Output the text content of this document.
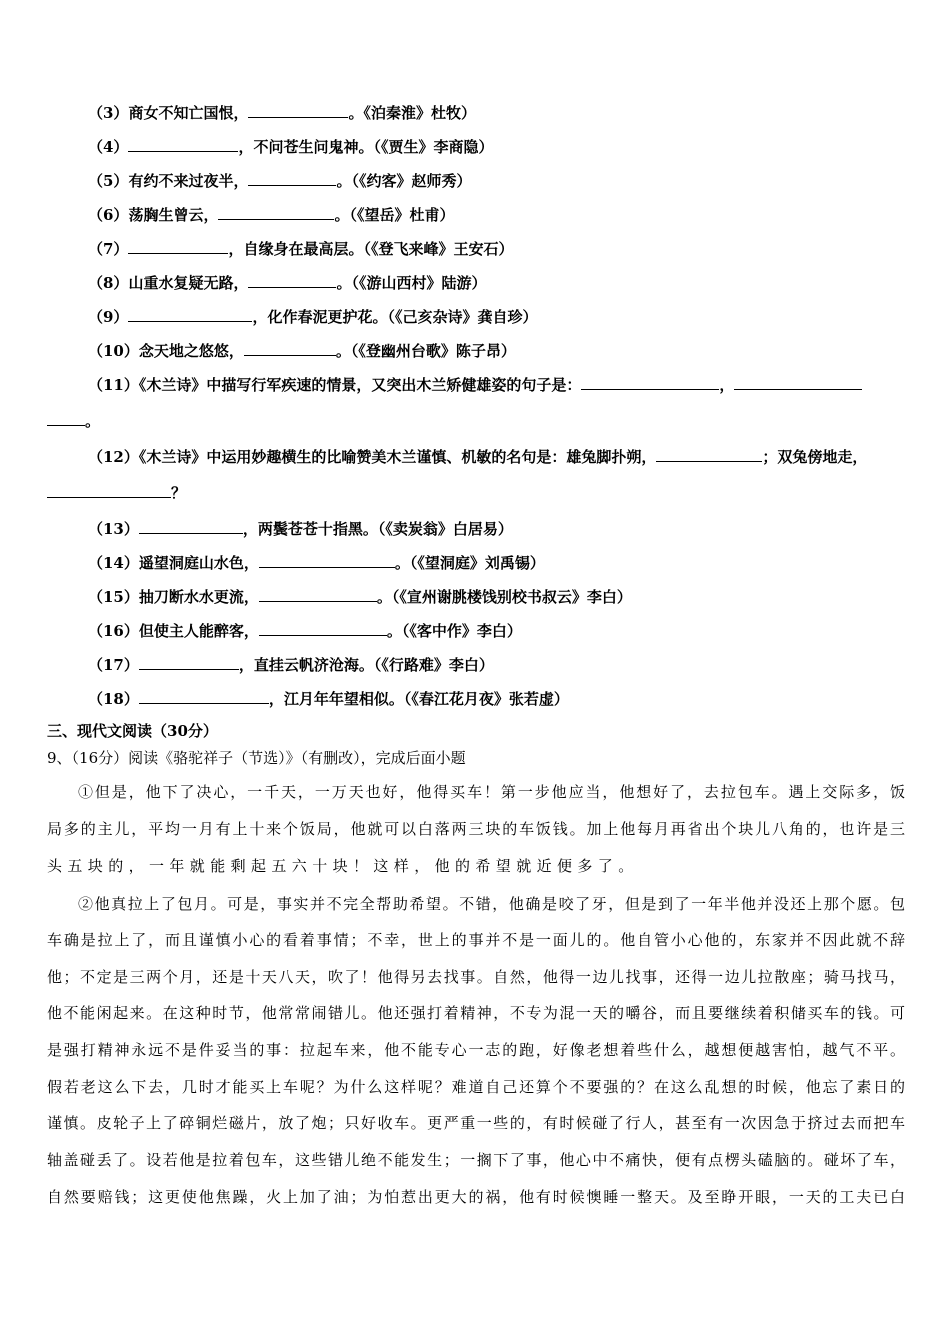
（3）商女不知亡国恨，	。《泊秦淮》杜牧）
（4）	，不问苍生问鬼神。（《贾生》李商隐）
（5）有约不来过夜半，	。（《约客》赵师秀）
（6）荡胸生曾云，	。（《望岳》杜甫）
（7）	，自缘身在最高层。（《登飞来峰》王安石）
（8）山重水复疑无路，	。（《游山西村》陆游）
（9）	，化作春泥更护花。（《己亥杂诗》龚自珍）
（10）念天地之悠悠，	。（《登幽州台歌》陈子昂）
（11）《木兰诗》中描写行军疾速的情景，又突出木兰矫健雄姿的句子是：	，
。
（12）《木兰诗》中运用妙趣横生的比喻赞美木兰谨慎、机敏的名句是：雄兔脚扑朔，	；双兔傍地走，
？
（13）	，两鬓苍苍十指黑。（《卖炭翁》白居易）
（14）遥望洞庭山水色，	。（《望洞庭》刘禹锡）
（15）抽刀断水水更流，	。（《宣州谢朓楼饯别校书叔云》李白）
（16）但使主人能醉客，	。（《客中作》李白）
（17）	，直挂云帆济沧海。（《行路难》李白）
（18）	，江月年年望相似。（《春江花月夜》张若虚）
三、现代文阅读（30分）
9、（16分）阅读《骆驼祥子（节选）》（有删改），完成后面小题
①但是，他下了决心，一千天，一万天也好，他得买车！第一步他应当，他想好了，去拉包车。遇上交际多，饭
局多的主儿，平均一月有上十来个饭局，他就可以白落两三块的车饭钱。加上他每月再省出个块儿八角的，也许是三
头五块的，一年就能剩起五六十块！这样，他的希望就近便多了。
②他真拉上了包月。可是，事实并不完全帮助希望。不错，他确是咬了牙，但是到了一年半他并没还上那个愿。包
车确是拉上了，而且谨慎小心的看着事情；不幸，世上的事并不是一面儿的。他自管小心他的，东家并不因此就不辞
他；不定是三两个月，还是十天八天，吹了！他得另去找事。自然，他得一边儿找事，还得一边儿拉散座；骑马找马，
他不能闲起来。在这种时节，他常常闹错儿。他还强打着精神，不专为混一天的嚼谷，而且要继续着积储买车的钱。可
是强打精神永远不是件妥当的事：拉起车来，他不能专心一志的跑，好像老想着些什么，越想便越害怕，越气不平。
假若老这么下去，几时才能买上车呢？为什么这样呢？难道自己还算个不要强的？在这么乱想的时候，他忘了素日的
谨慎。皮轮子上了碎铜烂磁片，放了炮；只好收车。更严重一些的，有时候碰了行人，甚至有一次因急于挤过去而把车
轴盖碰丢了。设若他是拉着包车，这些错儿绝不能发生；一搁下了事，他心中不痛快，便有点楞头磕脑的。碰坏了车，
自然要赔钱；这更使他焦躁，火上加了油；为怕惹出更大的祸，他有时候懊睡一整天。及至睁开眼，一天的工夫已白
